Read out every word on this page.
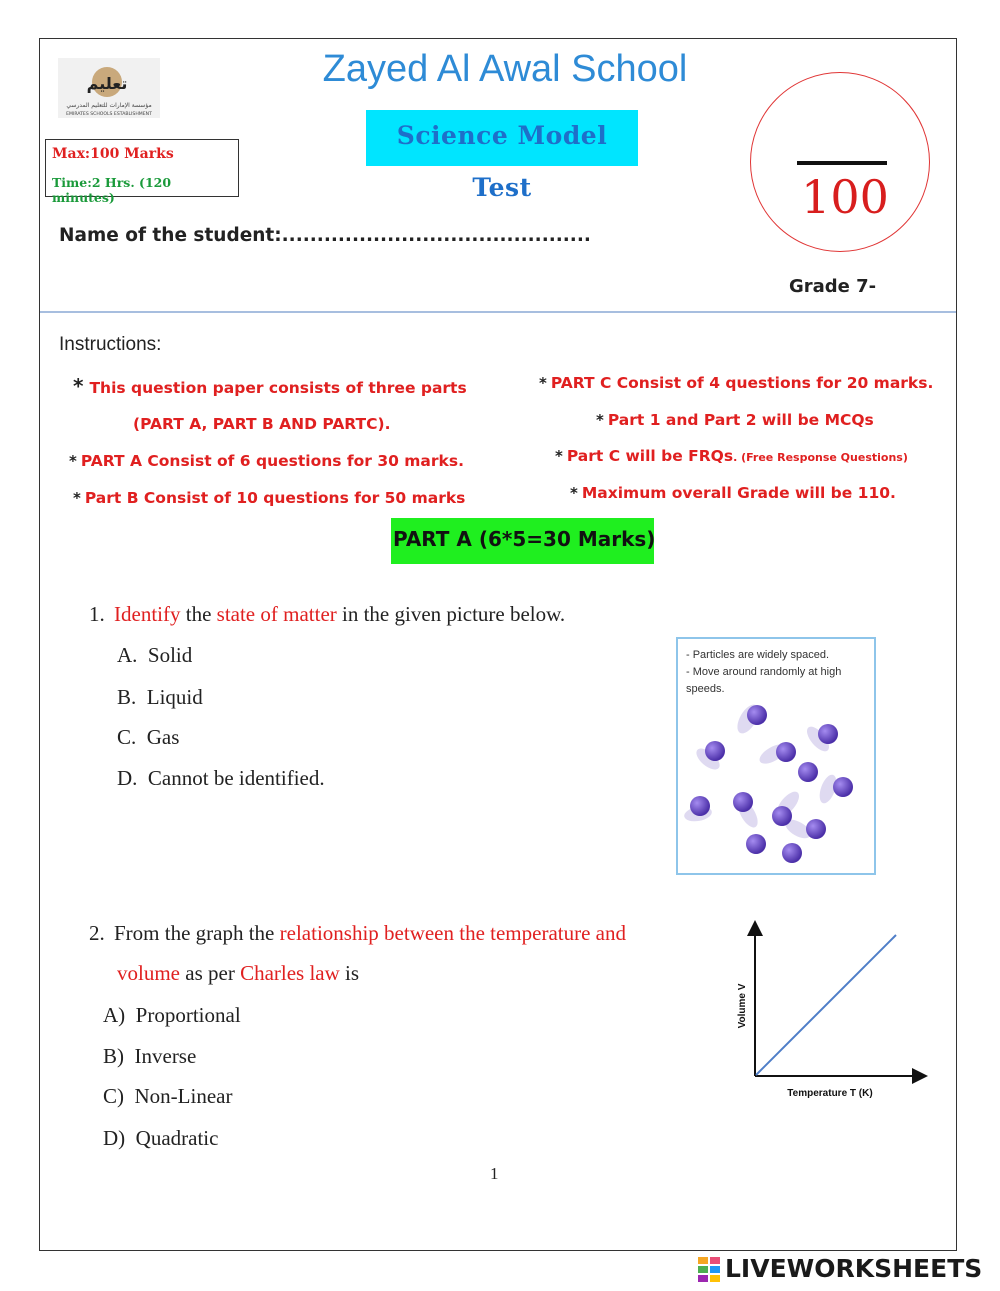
تعليم
مؤسسة الإمارات للتعليم المدرسي
EMIRATES SCHOOLS ESTABLISHMENT
Zayed Al Awal School
Science Model Test
Max:100 Marks
Time:2 Hrs. (120 minutes)
Name of the student:............................................
100
Grade 7-
Instructions:
* This question paper consists of three parts
(PART A, PART B AND PARTC).
* PART A Consist of 6 questions for 30 marks.
* Part B Consist of 10 questions for 50 marks
* PART C Consist of 4 questions for 20 marks.
* Part 1 and Part 2 will be MCQs
* Part C will be FRQs. (Free Response Questions)
* Maximum overall Grade will be 110.
PART A (6*5=30 Marks)
1. Identify the state of matter in the given picture below.
A. Solid
B. Liquid
C. Gas
D. Cannot be identified.
- Particles are widely spaced.
- Move around randomly at high
speeds.
2. From the graph the relationship between the temperature and
volume as per Charles law is
A) Proportional
B) Inverse
C) Non-Linear
D) Quadratic
Volume V
Temperature T (K)
1
LIVEWORKSHEETS
